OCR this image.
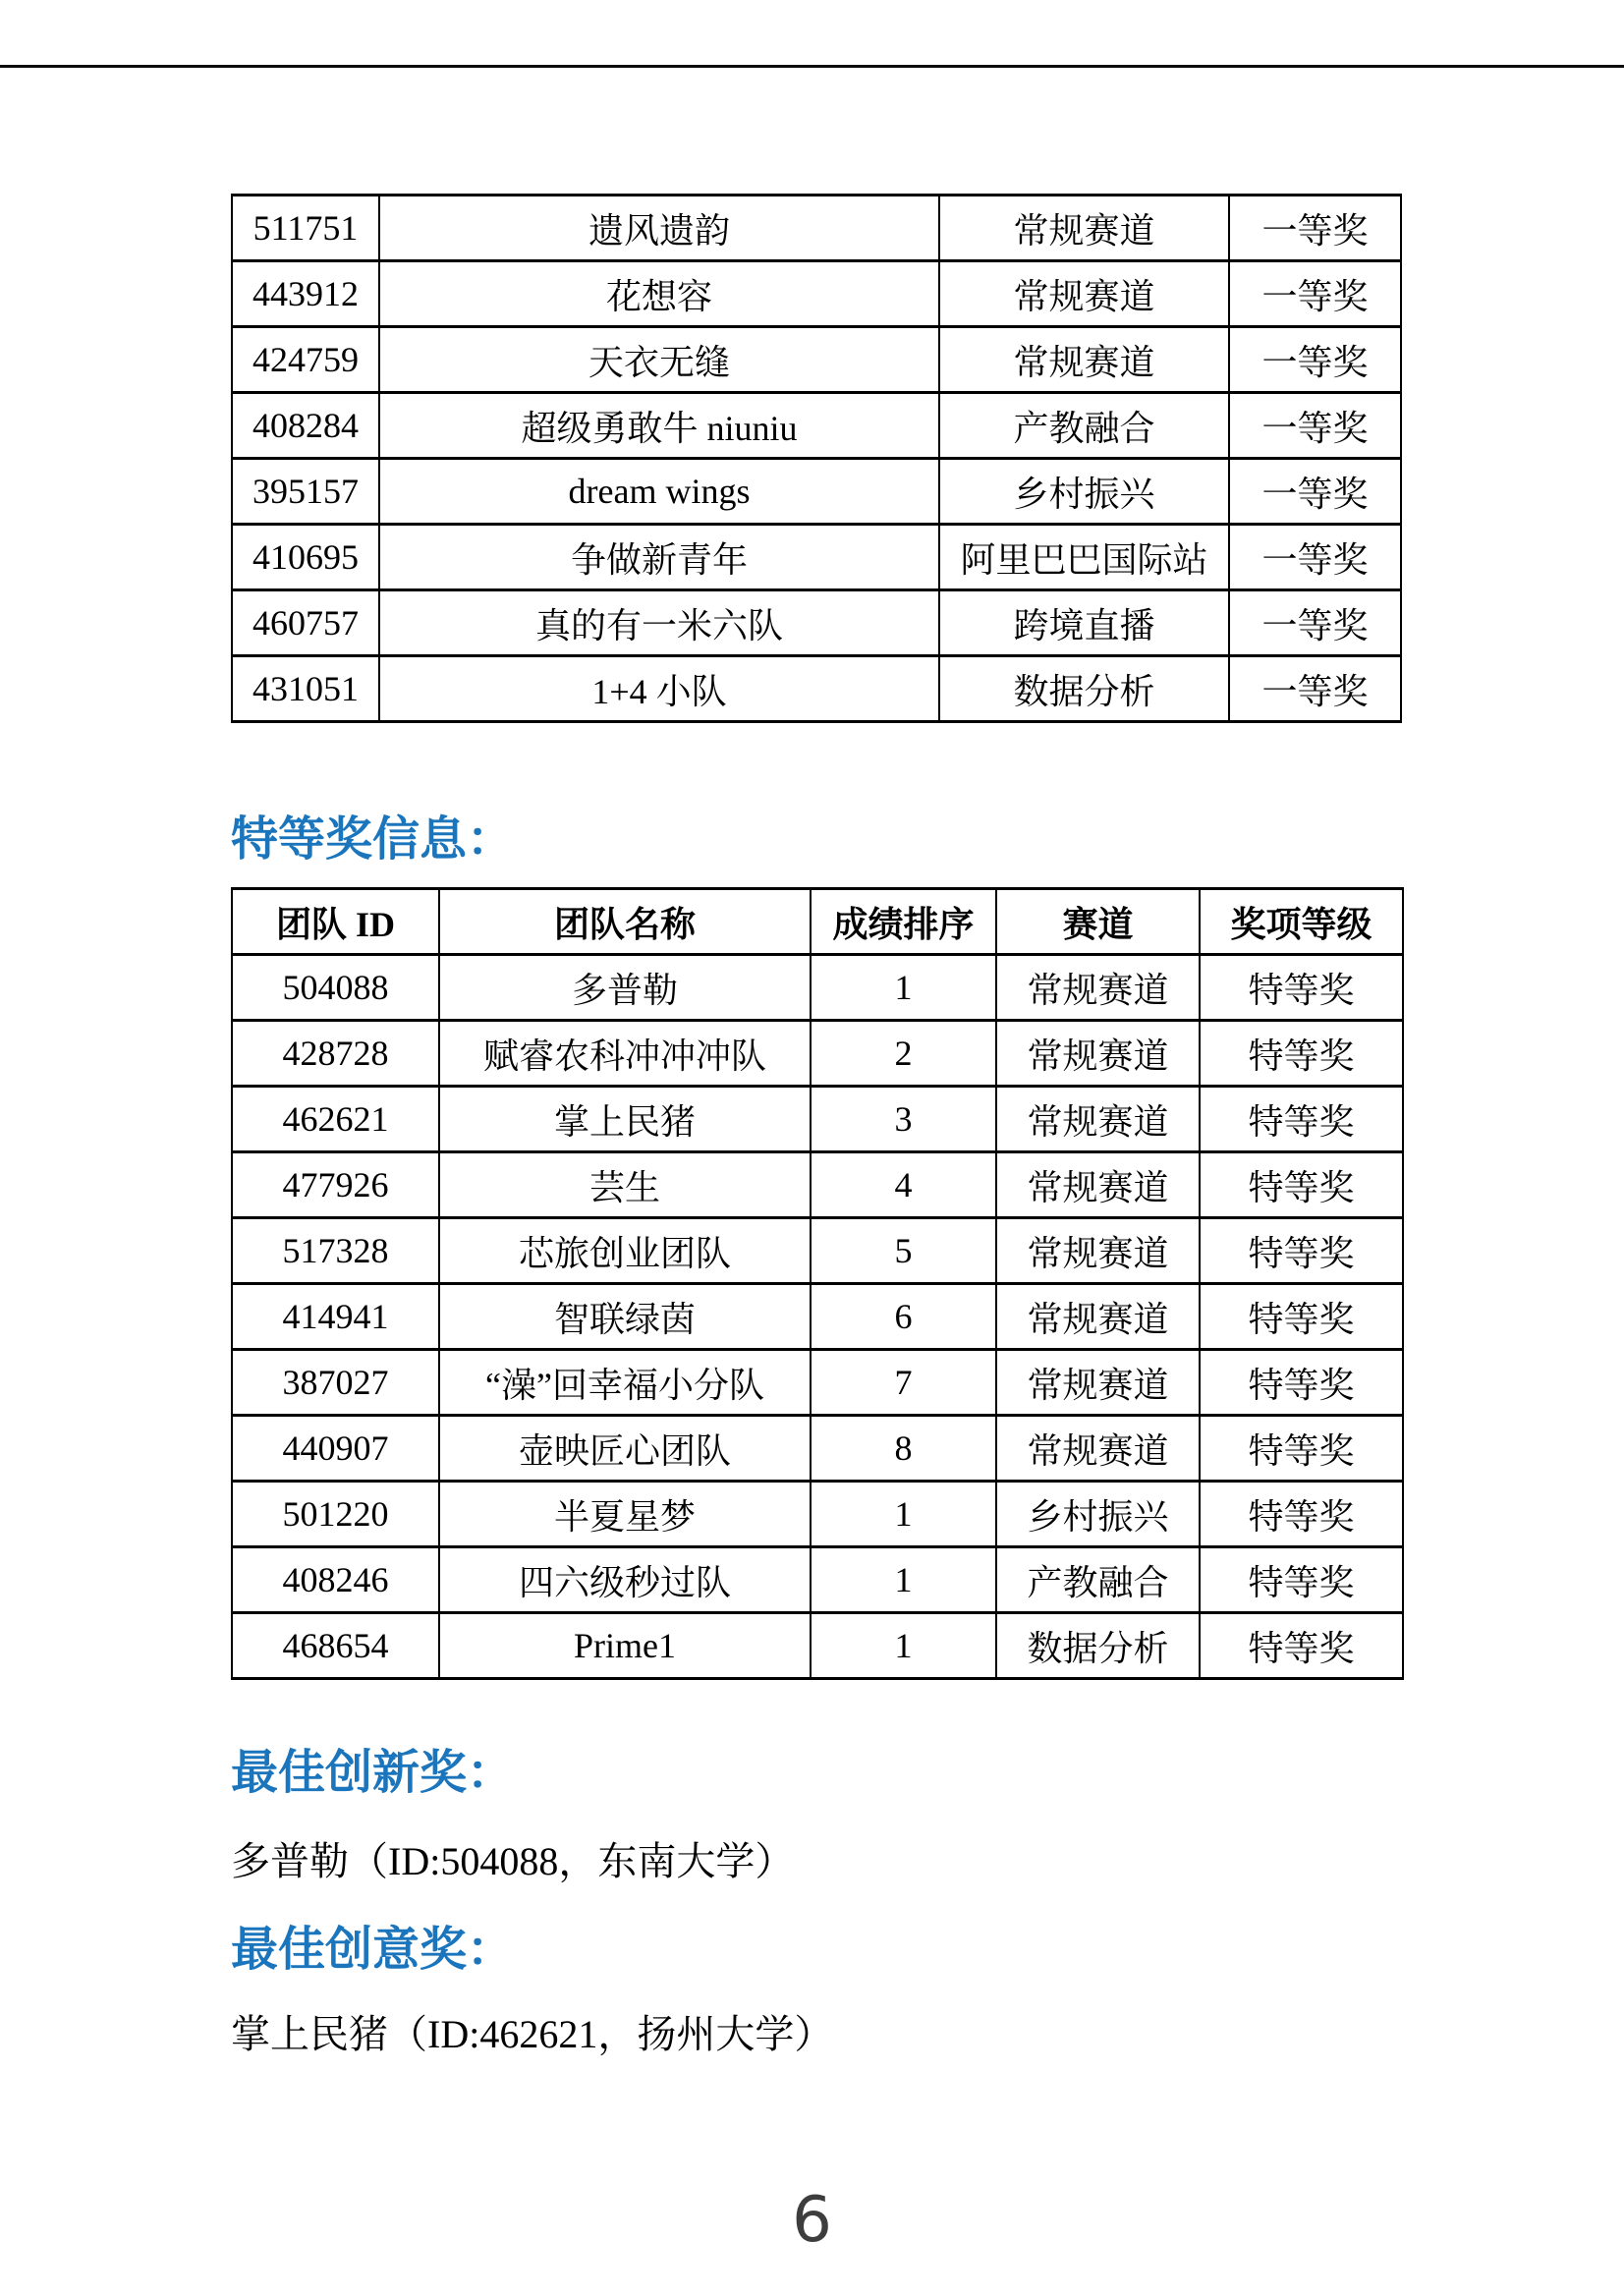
511751	遗风遗韵	常规赛道	一等奖
443912	花想容	常规赛道	一等奖
424759	天衣无缝	常规赛道	一等奖
408284	超级勇敢牛 niuniu	产教融合	一等奖
395157	dream wings	乡村振兴	一等奖
410695	争做新青年	阿里巴巴国际站	一等奖
460757	真的有一米六队	跨境直播	一等奖
431051	1+4 小队	数据分析	一等奖
特等奖信息：
团队 ID	团队名称	成绩排序	赛道	奖项等级
504088	多普勒	1	常规赛道	特等奖
428728	赋睿农科冲冲冲队	2	常规赛道	特等奖
462621	掌上民猪	3	常规赛道	特等奖
477926	芸生	4	常规赛道	特等奖
517328	芯旅创业团队	5	常规赛道	特等奖
414941	智联绿茵	6	常规赛道	特等奖
387027	“澡”回幸福小分队	7	常规赛道	特等奖
440907	壶映匠心团队	8	常规赛道	特等奖
501220	半夏星梦	1	乡村振兴	特等奖
408246	四六级秒过队	1	产教融合	特等奖
468654	Prime1	1	数据分析	特等奖
最佳创新奖：

多普勒（ID:504088，东南大学）

最佳创意奖：

掌上民猪（ID:462621，扬州大学）

6
